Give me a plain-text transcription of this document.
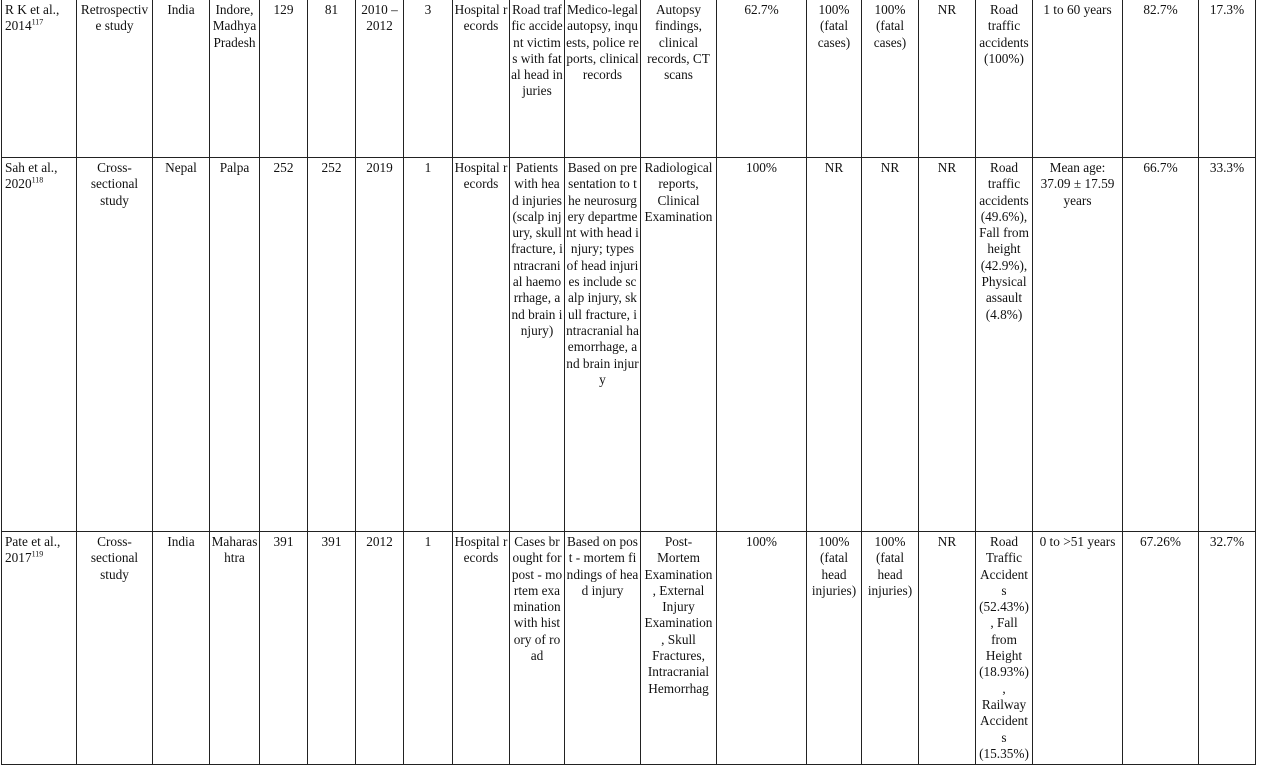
R K et al., 2014$^{117}$	Retrospective study	India	Indore, Madhya Pradesh	129	81	2010 – 2012	3	Hospital records	Road traffic accident victims with fatal head injuries	Medico-legal autopsy, inquests, police reports, clinical records	Autopsy findings, clinical records, CT scans	62.7%	100% (fatal cases)	100% (fatal cases)	NR	Road traffic accidents (100%)	1 to 60 years	82.7%	17.3%
Sah et al., 2020$^{118}$	Cross-sectional study	Nepal	Palpa	252	252	2019	1	Hospital records	Patients with head injuries (scalp injury, skull fracture, intracranial haemorrhage, and brain injury)	Based on presentation to the neurosurgery department with head injury; types of head injuries include scalp injury, skull fracture, intracranial haemorrhage, and brain injury	Radiological reports, Clinical Examination	100%	NR	NR	NR	Road traffic accidents (49.6%), Fall from height (42.9%), Physical assault (4.8%)	Mean age: 37.09 ± 17.59 years	66.7%	33.3%
Pate et al., 2017$^{119}$	Cross-sectional study	India	Maharashtra	391	391	2012	1	Hospital records	Cases brought for post - mortem examination with history of road	Based on post - mortem findings of head injury	Post-Mortem Examination, External Injury Examination, Skull Fractures, Intracranial Hemorrhag	100%	100% (fatal head injuries)	100% (fatal head injuries)	NR	Road Traffic Accidents (52.43%), Fall from Height (18.93%), Railway Accidents (15.35%)	0 to >51 years	67.26%	32.7%
